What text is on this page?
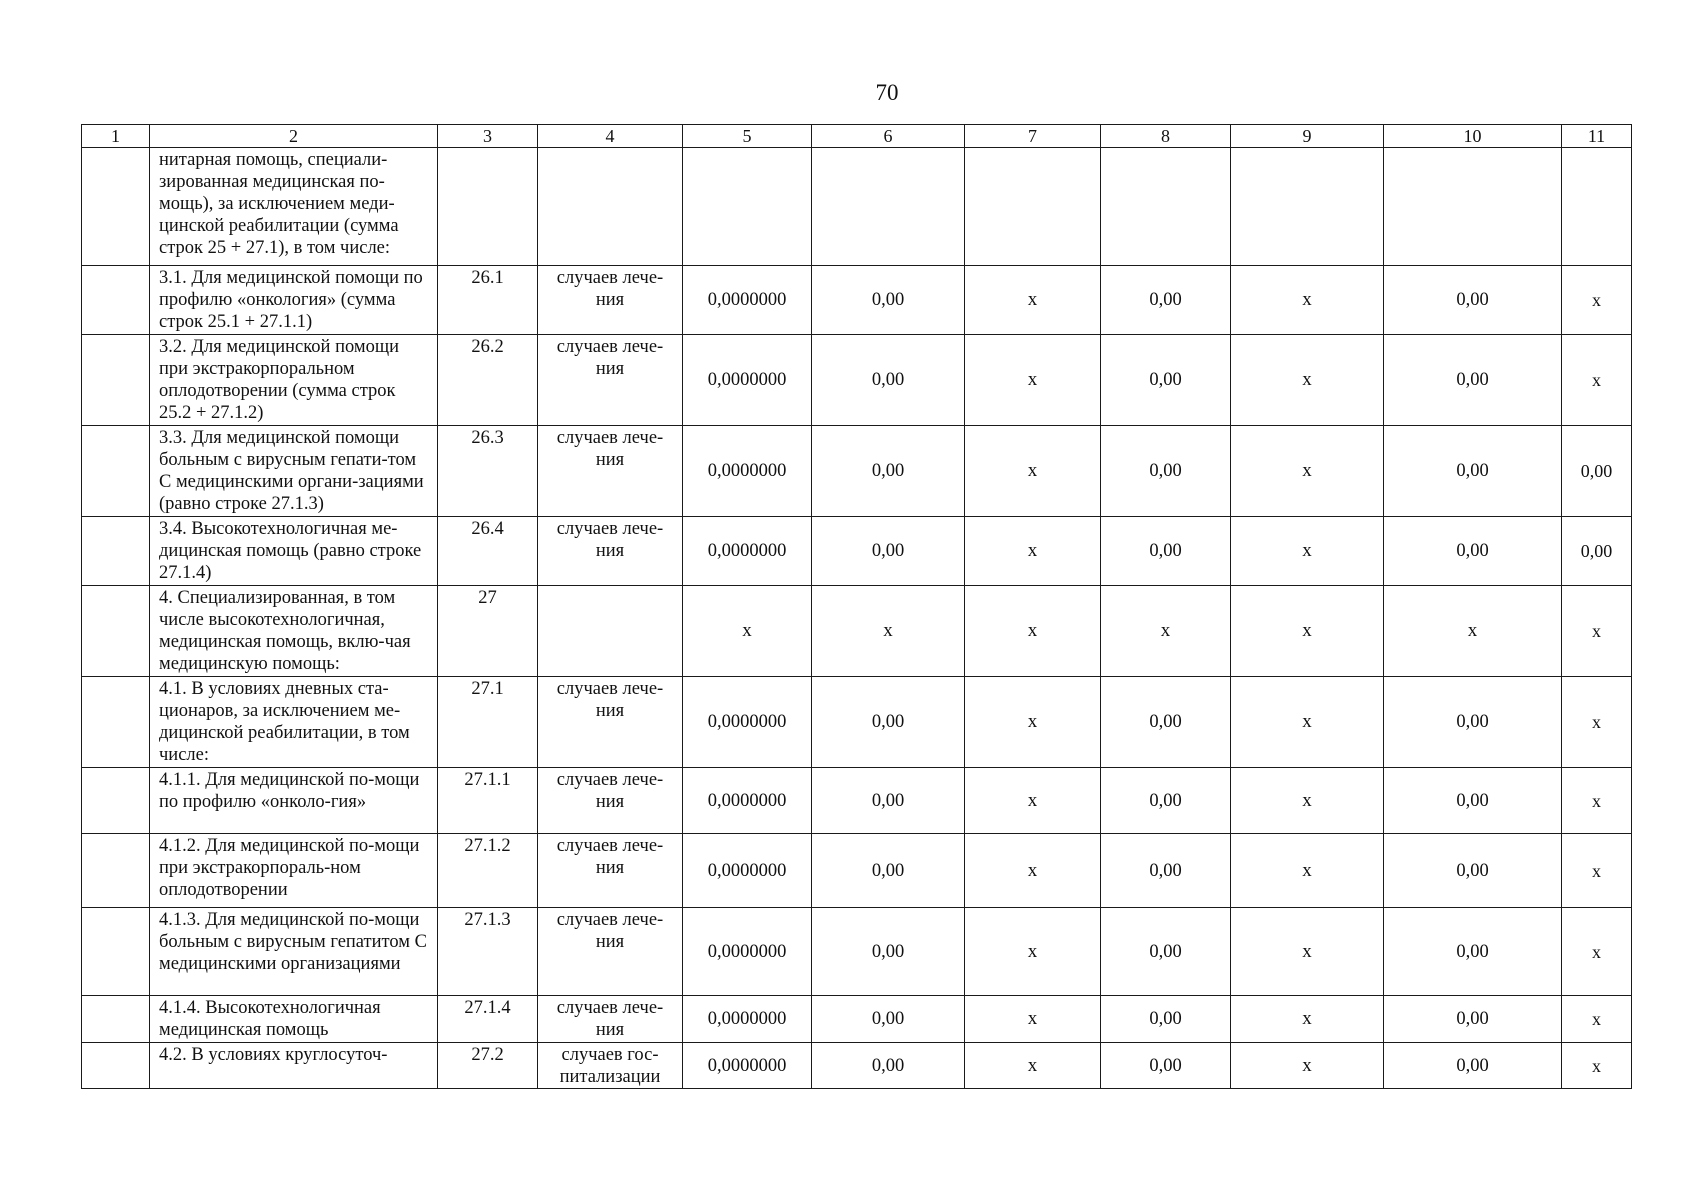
70
1	2	3	4	5	6	7	8	9	10	11
	нитарная помощь, специали-зированная медицинская по-мощь), за исключением меди-цинской реабилитации (сумма строк 25 + 27.1), в том числе:									
	3.1. Для медицинской помощи по профилю «онкология» (сумма строк 25.1 + 27.1.1)	26.1	случаев лече-ния	0,0000000	0,00	х	0,00	х	0,00	х
	3.2. Для медицинской помощи при экстракорпоральном оплодотворении (сумма строк 25.2 + 27.1.2)	26.2	случаев лече-ния	0,0000000	0,00	х	0,00	х	0,00	х
	3.3. Для медицинской помощи больным с вирусным гепати-том С медицинскими органи-зациями (равно строке 27.1.3)	26.3	случаев лече-ния	0,0000000	0,00	х	0,00	х	0,00	0,00
	3.4. Высокотехнологичная ме-дицинская помощь (равно строке 27.1.4)	26.4	случаев лече-ния	0,0000000	0,00	х	0,00	х	0,00	0,00
	4. Специализированная, в том числе высокотехнологичная, медицинская помощь, вклю-чая медицинскую помощь:	27		х	х	х	х	х	х	х
	4.1. В условиях дневных ста-ционаров, за исключением ме-дицинской реабилитации, в том числе:	27.1	случаев лече-ния	0,0000000	0,00	х	0,00	х	0,00	х
	4.1.1. Для медицинской по-мощи по профилю «онколо-гия»	27.1.1	случаев лече-ния	0,0000000	0,00	х	0,00	х	0,00	х
	4.1.2. Для медицинской по-мощи при экстракорпораль-ном оплодотворении	27.1.2	случаев лече-ния	0,0000000	0,00	х	0,00	х	0,00	х
	4.1.3. Для медицинской по-мощи больным с вирусным гепатитом С медицинскими организациями	27.1.3	случаев лече-ния	0,0000000	0,00	х	0,00	х	0,00	х
	4.1.4. Высокотехнологичная медицинская помощь	27.1.4	случаев лече-ния	0,0000000	0,00	х	0,00	х	0,00	х
	4.2. В условиях круглосуточ-	27.2	случаев гос-питализации	0,0000000	0,00	х	0,00	х	0,00	х
